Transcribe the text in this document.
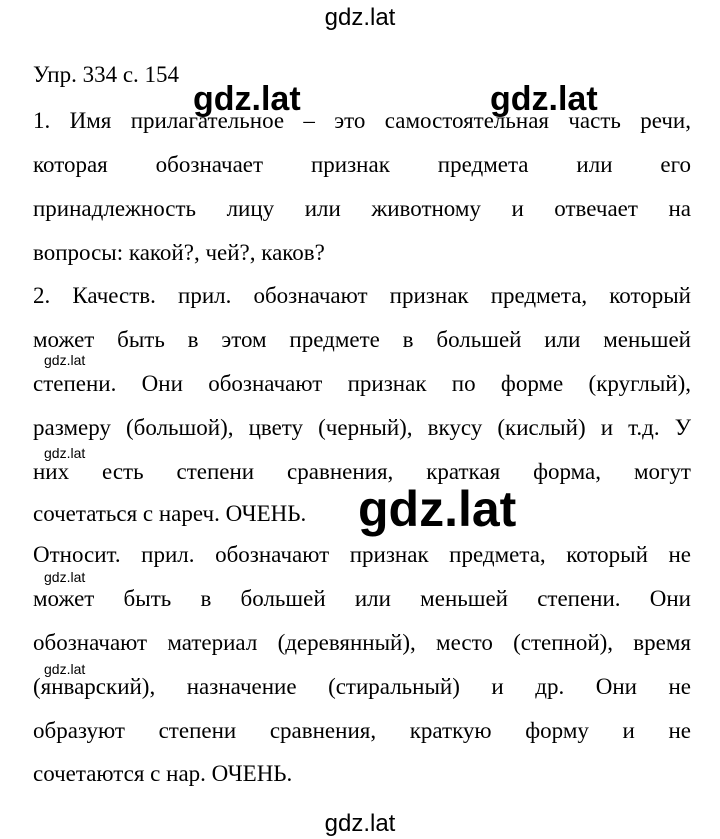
gdz.lat
Упр. 334 с. 154
gdz.lat	gdz.lat
1. Имя прилагательное – это самостоятельная часть речи,
которая обозначает признак предмета или его
принадлежность лицу или животному и отвечает на
вопросы: какой?, чей?, каков?
2. Качеств. прил. обозначают признак предмета, который
может быть в этом предмете в большей или меньшей
gdz.lat
степени. Они обозначают признак по форме (круглый),
размеру (большой), цвету (черный), вкусу (кислый) и т.д. У
gdz.lat
них есть степени сравнения, краткая форма, могут
сочетаться с нареч. ОЧЕНЬ.	gdz.lat
Относит. прил. обозначают признак предмета, который не
gdz.lat
может быть в большей или меньшей степени. Они
обозначают материал (деревянный), место (степной), время
gdz.lat
(январский), назначение (стиральный) и др. Они не
образуют степени сравнения, краткую форму и не
сочетаются с нар. ОЧЕНЬ.
gdz.lat
